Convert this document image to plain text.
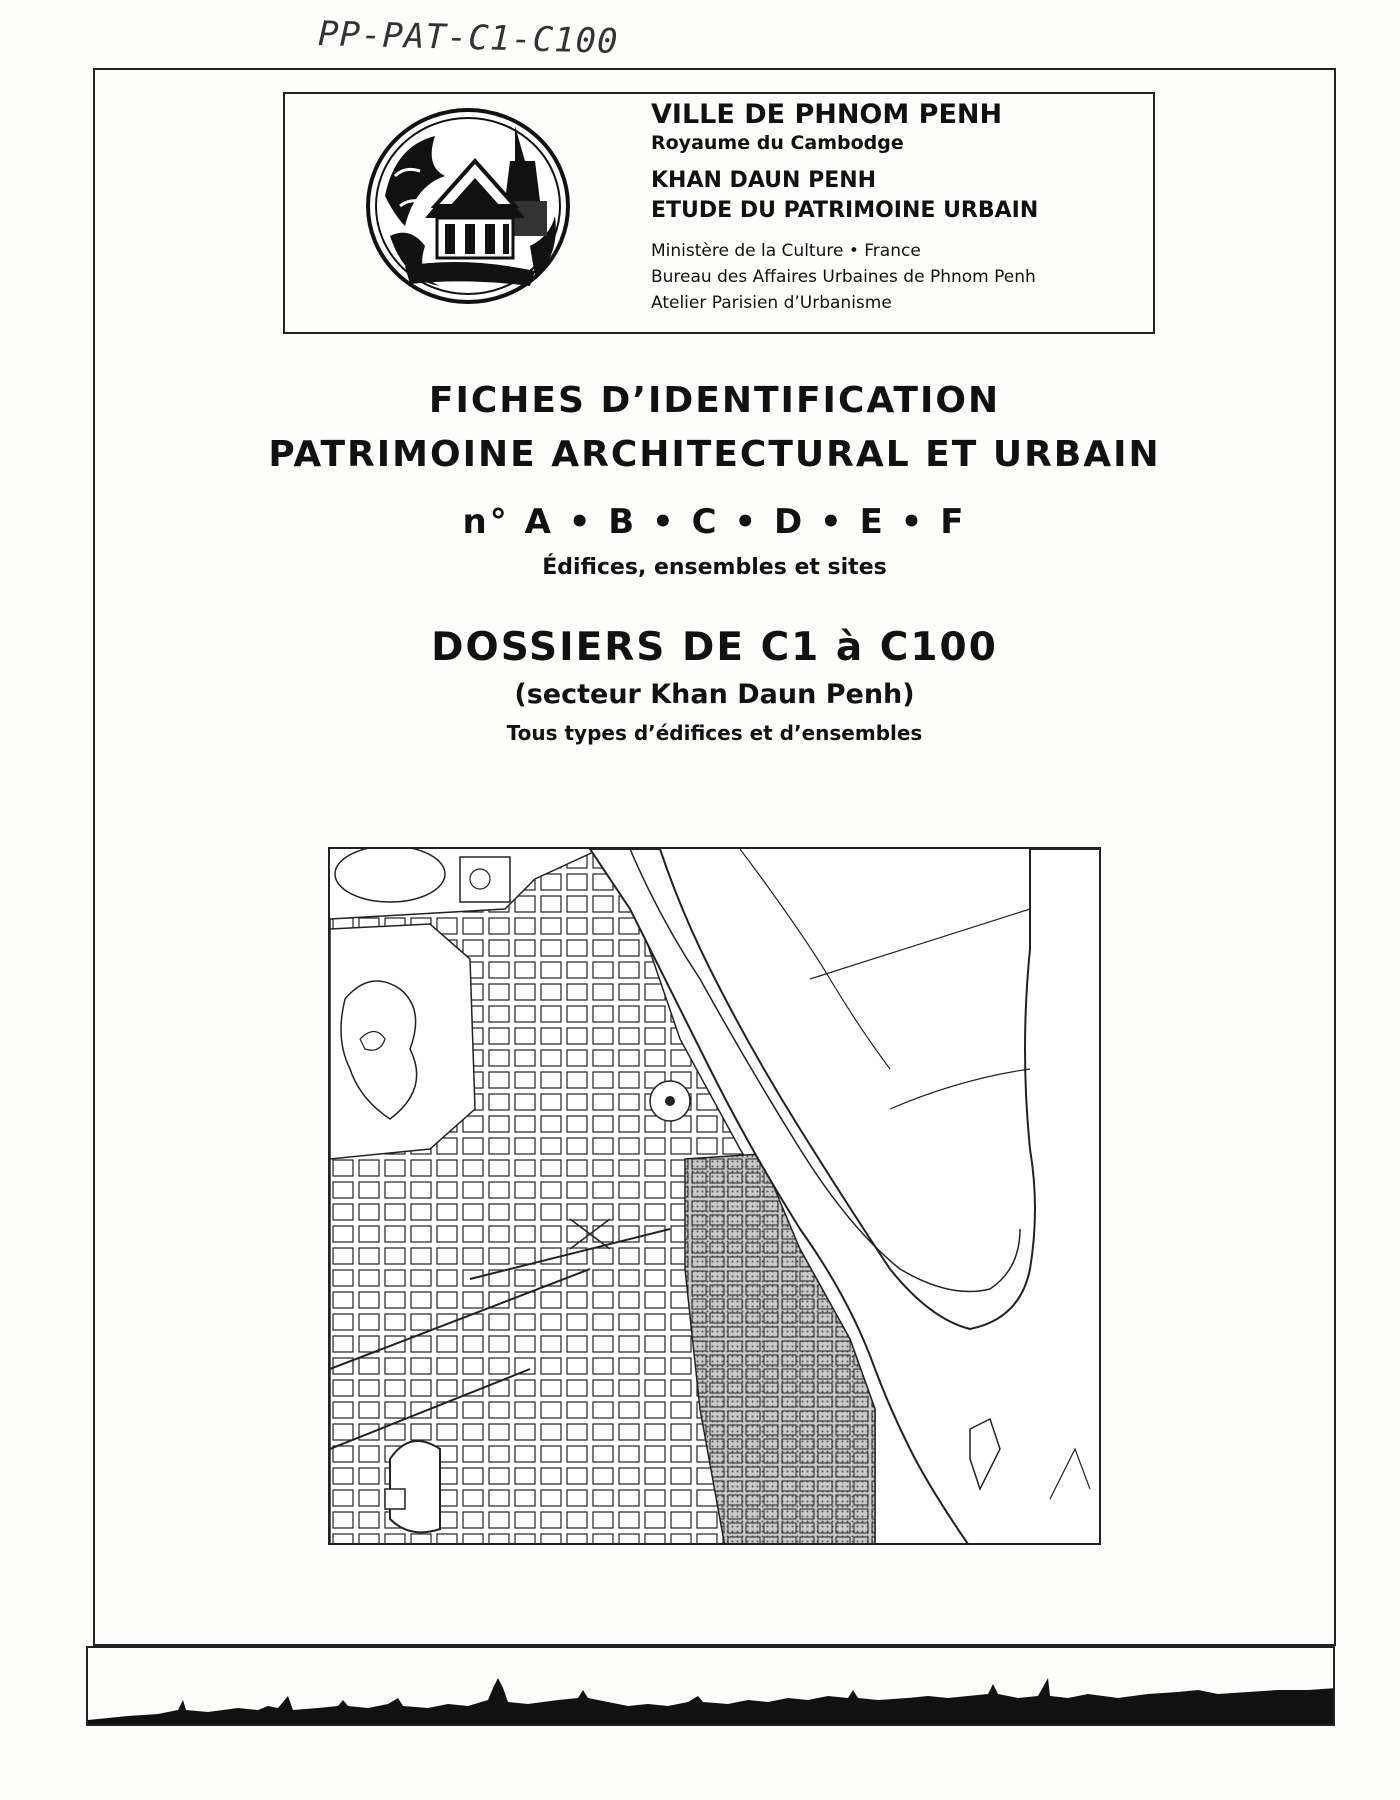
PP-PAT-C1-C100

VILLE DE PHNOM PENH

Royaume du Cambodge

KHAN DAUN PENH

ETUDE DU PATRIMOINE URBAIN

Ministère de la Culture • France

Bureau des Affaires Urbaines de Phnom Penh

Atelier Parisien d’Urbanisme

FICHES D’IDENTIFICATION
PATRIMOINE ARCHITECTURAL ET URBAIN
n° A • B • C • D • E • F
Édifices, ensembles et sites
DOSSIERS DE C1 à C100
(secteur Khan Daun Penh)
Tous types d’édifices et d’ensembles
